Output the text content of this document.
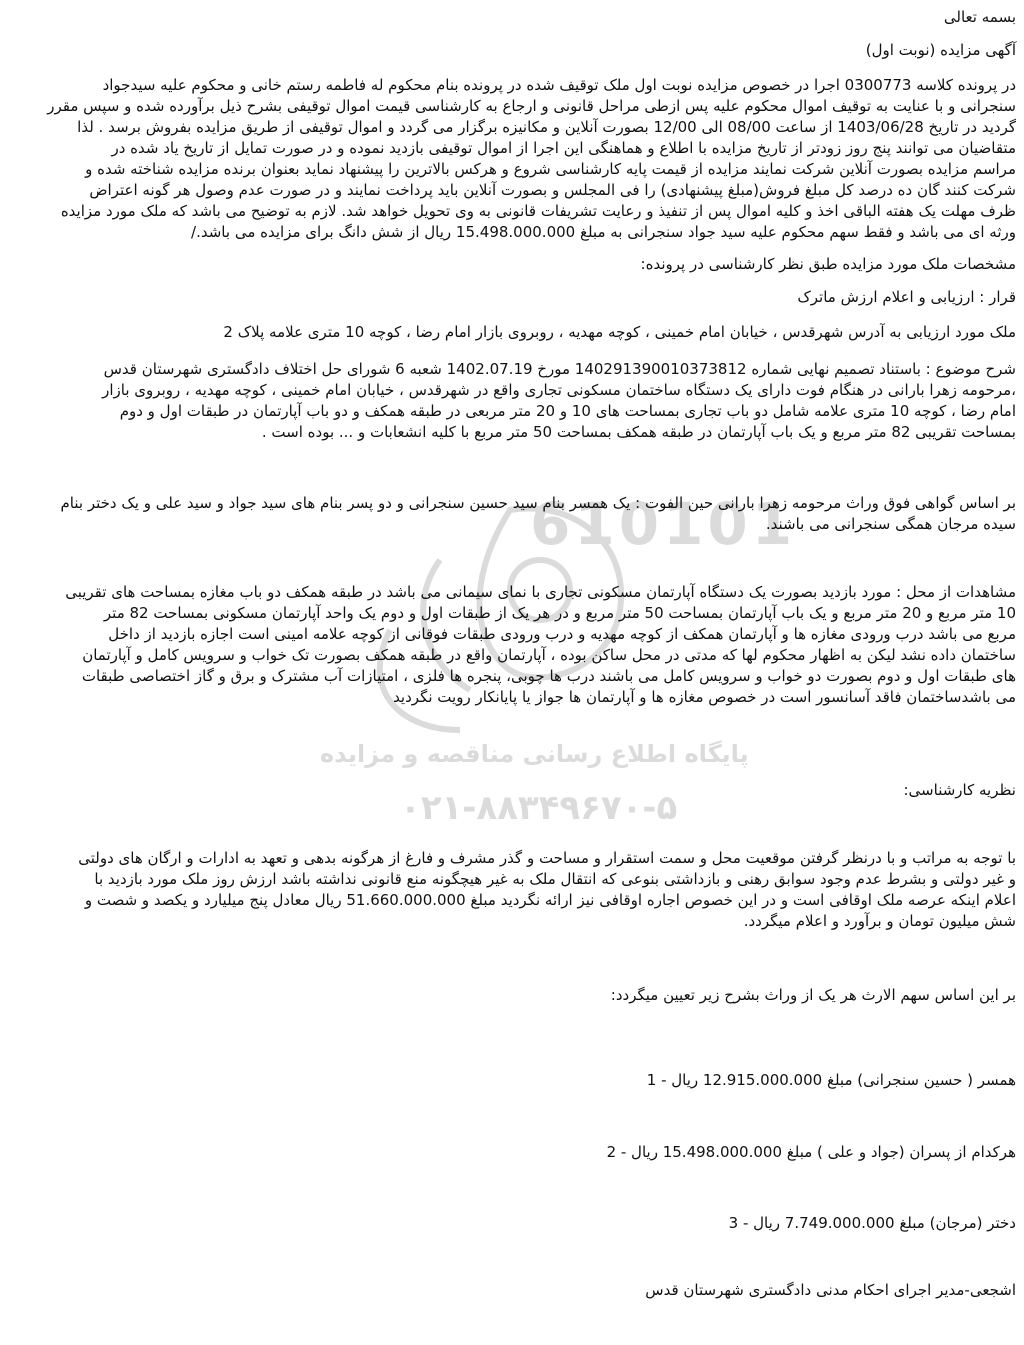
610101
پایگاه اطلاع رسانی مناقصه و مزایده
۰۲۱-۸۸۳۴۹۶۷۰-۵
بسمه تعالی
آگهی مزایده (نوبت اول)
در پرونده کلاسه 0300773 اجرا در خصوص مزایده نوبت اول ملک توقیف شده در پرونده بنام محکوم له فاطمه رستم خانی و محکوم علیه سیدجواد
سنجرانی و با عنایت به توقیف اموال محکوم علیه پس ازطی مراحل قانونی و ارجاع به کارشناسی قیمت اموال توقیفی بشرح ذیل برآورده شده و سپس مقرر
گردید در تاریخ 1403/06/28 از ساعت 08/00 الی 12/00 بصورت آنلاین و مکانیزه برگزار می گردد و اموال توقیفی از طریق مزایده بفروش برسد . لذا
متقاضیان می توانند پنج روز زودتر از تاریخ مزایده با اطلاع و هماهنگی این اجرا از اموال توقیفی بازدید نموده و در صورت تمایل از تاریخ یاد شده در
مراسم مزایده بصورت آنلاین شرکت نمایند مزایده از قیمت پایه کارشناسی شروع و هرکس بالاترین را پیشنهاد نماید بعنوان برنده مزایده شناخته شده و
شرکت کنند گان ده درصد کل مبلغ فروش(مبلغ پیشنهادی) را فی المجلس و بصورت آنلاین باید پرداخت نمایند و در صورت عدم وصول هر گونه اعتراض
ظرف مهلت یک هفته الباقی اخذ و کلیه اموال پس از تنفیذ و رعایت تشریفات قانونی به وی تحویل خواهد شد. لازم به توضیح می باشد که ملک مورد مزایده
ورثه ای می باشد و فقط سهم محکوم علیه سید جواد سنجرانی به مبلغ 15.498.000.000 ریال از شش دانگ برای مزایده می باشد./
مشخصات ملک مورد مزایده طبق نظر کارشناسی در پرونده:
قرار : ارزیابی و اعلام ارزش ماترک
ملک مورد ارزیابی به آدرس شهرقدس ، خیابان امام خمینی ، کوچه مهدیه ، روبروی بازار امام رضا ، کوچه 10 متری علامه پلاک 2
شرح موضوع : باستناد تصمیم نهایی شماره 140291390010373812 مورخ 1402.07.19 شعبه 6 شورای حل اختلاف دادگستری شهرستان قدس
،مرحومه زهرا بارانی در هنگام فوت دارای یک دستگاه ساختمان مسکونی تجاری واقع در شهرقدس ، خیابان امام خمینی ، کوچه مهدیه ، روبروی بازار
امام رضا ، کوچه 10 متری علامه شامل دو باب تجاری بمساحت های 10 و 20 متر مربعی در طبقه همکف و دو باب آپارتمان در طبقات اول و دوم
بمساحت تقریبی 82 متر مربع و یک باب آپارتمان در طبقه همکف بمساحت 50 متر مربع با کلیه انشعابات و ... بوده است .
بر اساس گواهی فوق وراث مرحومه زهرا بارانی حین الفوت : یک همسر بنام سید حسین سنجرانی و دو پسر بنام های سید جواد و سید علی و یک دختر بنام
سیده مرجان همگی سنجرانی می باشند.
مشاهدات از محل : مورد بازدید بصورت یک دستگاه آپارتمان مسکونی تجاری با نمای سیمانی می باشد در طبقه همکف دو باب مغازه بمساحت های تقریبی
10 متر مربع و 20 متر مربع و یک باب آپارتمان بمساحت 50 متر مربع و در هر یک از طبقات اول و دوم یک واحد آپارتمان مسکونی بمساحت 82 متر
مربع می باشد درب ورودی مغازه ها و آپارتمان همکف از کوچه مهدیه و درب ورودی طبقات فوقانی از کوچه علامه امینی است اجازه بازدید از داخل
ساختمان داده نشد لیکن به اظهار محکوم لها که مدتی در محل ساکن بوده ، آپارتمان واقع در طبقه همکف بصورت تک خواب و سرویس کامل و آپارتمان
های طبقات اول و دوم بصورت دو خواب و سرویس کامل می باشند درب ها چوبی، پنجره ها فلزی ، امتیازات آب مشترک و برق و گاز اختصاصی طبقات
می باشدساختمان فاقد آسانسور است در خصوص مغازه ها و آپارتمان ها جواز یا پایانکار رویت نگردید
نظریه کارشناسی:
با توجه به مراتب و با درنظر گرفتن موقعیت محل و سمت استقرار و مساحت و گذر مشرف و فارغ از هرگونه بدهی و تعهد به ادارات و ارگان های دولتی
و غیر دولتی و بشرط عدم وجود سوابق رهنی و بازداشتی بنوعی که انتقال ملک به غیر هیچگونه منع قانونی نداشته باشد ارزش روز ملک مورد بازدید با
اعلام اینکه عرصه ملک اوقافی است و در این خصوص اجاره اوقافی نیز ارائه نگردید مبلغ 51.660.000.000 ریال معادل پنج میلیارد و یکصد و شصت و
شش میلیون تومان و برآورد و اعلام میگردد.
بر این اساس سهم الارث هر یک از وراث بشرح زیر تعیین میگردد:
همسر ( حسین سنجرانی) مبلغ 12.915.000.000 ریال - 1
هرکدام از پسران (جواد و علی ) مبلغ 15.498.000.000 ریال - 2
دختر (مرجان) مبلغ 7.749.000.000 ریال - 3
اشجعی-مدیر اجرای احکام مدنی دادگستری شهرستان قدس
